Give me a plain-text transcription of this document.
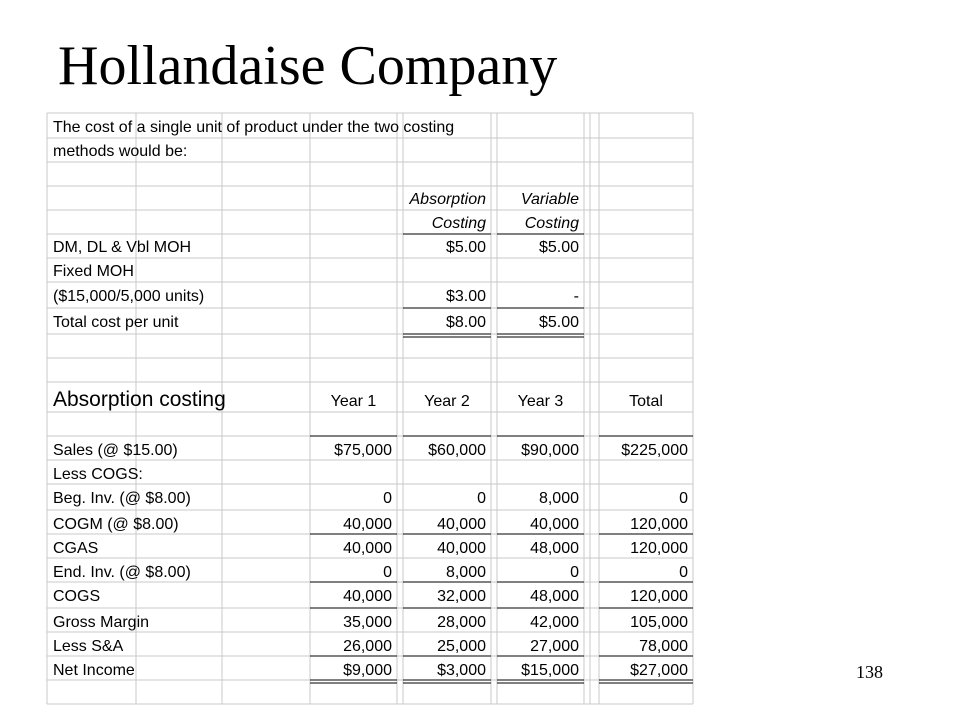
Hollandaise Company
The cost of a single unit of product under the two costing
methods would be:
Absorption Variable
Costing Costing
DM, DL & Vbl MOH	$5.00	$5.00
Fixed MOH
($15,000/5,000 units)	$3.00	-
Total cost per unit	$8.00	$5.00
Absorption costing	Year 1	Year 2	Year 3	Total
Sales (@ $15.00)	$75,000 $60,000 $90,000	$225,000
Less COGS:
Beg. Inv. (@ $8.00)	0	0	8,000	0
COGM (@ $8.00)	40,000	40,000	40,000	120,000
CGAS	40,000	40,000	48,000	120,000
End. Inv. (@ $8.00)	0	8,000	0	0
COGS	40,000	32,000	48,000	120,000
Gross Margin	35,000	28,000	42,000	105,000
Less S&A	26,000	25,000	27,000	78,000
Net Income	$9,000	$3,000 $15,000	$27,000	138
